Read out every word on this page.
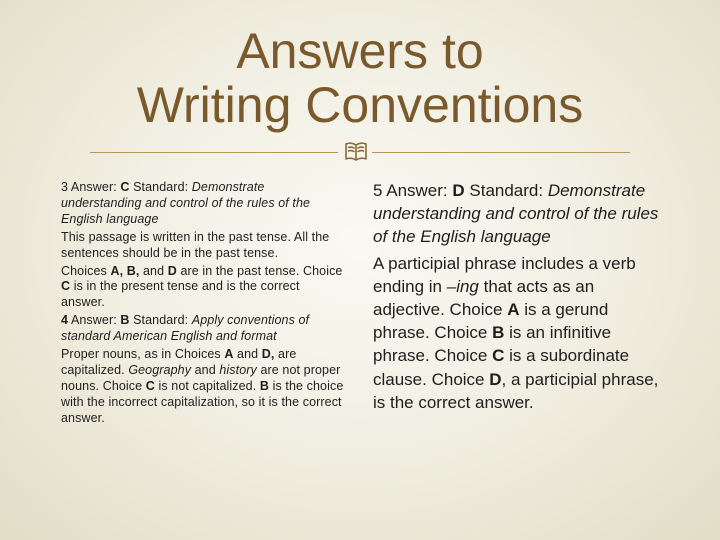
Answers to
Writing Conventions
3 Answer: C Standard: Demonstrate understanding and control of the rules of the English language
This passage is written in the past tense. All the sentences should be in the past tense.
Choices A, B, and D are in the past tense. Choice C is in the present tense and is the correct answer.
4 Answer: B Standard: Apply conventions of standard American English and format
Proper nouns, as in Choices A and D, are capitalized. Geography and history are not proper nouns. Choice C is not capitalized. B is the choice with the incorrect capitalization, so it is the correct answer.
5 Answer: D Standard: Demonstrate understanding and control of the rules of the English language
A participial phrase includes a verb ending in –ing that acts as an adjective. Choice A is a gerund phrase. Choice B is an infinitive phrase. Choice C is a subordinate clause. Choice D, a participial phrase, is the correct answer.
